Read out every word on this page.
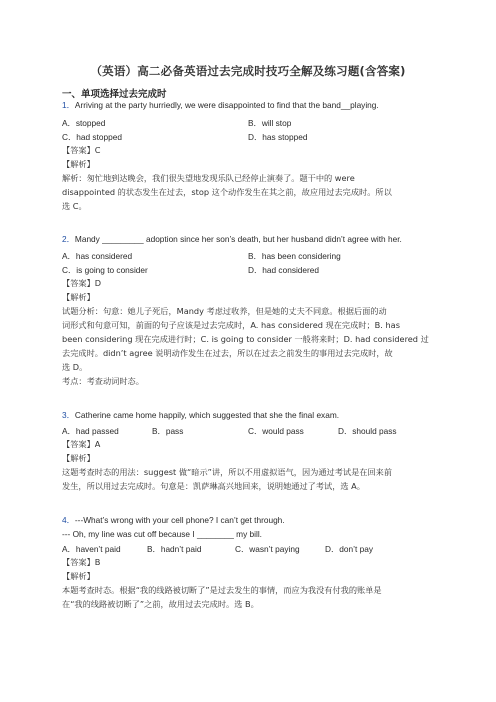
（英语）高二必备英语过去完成时技巧全解及练习题(含答案)
一、单项选择过去完成时
1．Arriving at the party hurriedly, we were disappointed to find that the band__playing.
A．stopped	B．will stop
C．had stopped	D．has stopped
【答案】C
【解析】
解析：匆忙地到达晚会，我们很失望地发现乐队已经停止演奏了。题干中的 were
disappointed 的状态发生在过去，stop 这个动作发生在其之前，故应用过去完成时。所以
选 C。
2．Mandy _________ adoption since her son’s death, but her husband didn’t agree with her.
A．has considered	B．has been considering
C．is going to consider	D．had considered
【答案】D
【解析】
试题分析：句意：她儿子死后，Mandy 考虑过收养，但是她的丈夫不同意。根据后面的动
词形式和句意可知，前面的句子应该是过去完成时，A. has considered 现在完成时；B. has
been considering 现在完成进行时；C. is going to consider 一般将来时；D. had considered 过
去完成时。didn’t agree 说明动作发生在过去，所以在过去之前发生的事用过去完成时，故
选 D。
考点：考查动词时态。
3．Catherine came home happily, which suggested that she the final exam.
A．had passed	B．pass	C．would pass	D．should pass
【答案】A
【解析】
这题考查时态的用法：suggest 做“暗示”讲，所以不用虚拟语气，因为通过考试是在回来前
发生，所以用过去完成时。句意是：凯萨琳高兴地回来，说明她通过了考试，选 A。
4．---What’s wrong with your cell phone? I can’t get through.
--- Oh, my line was cut off because I ________ my bill.
A．haven’t paid	B．hadn’t paid	C．wasn’t paying	D．don’t pay
【答案】B
【解析】
本题考查时态。根据“我的线路被切断了”是过去发生的事情，而应为我没有付我的账单是
在“我的线路被切断了”之前，故用过去完成时。选 B。
